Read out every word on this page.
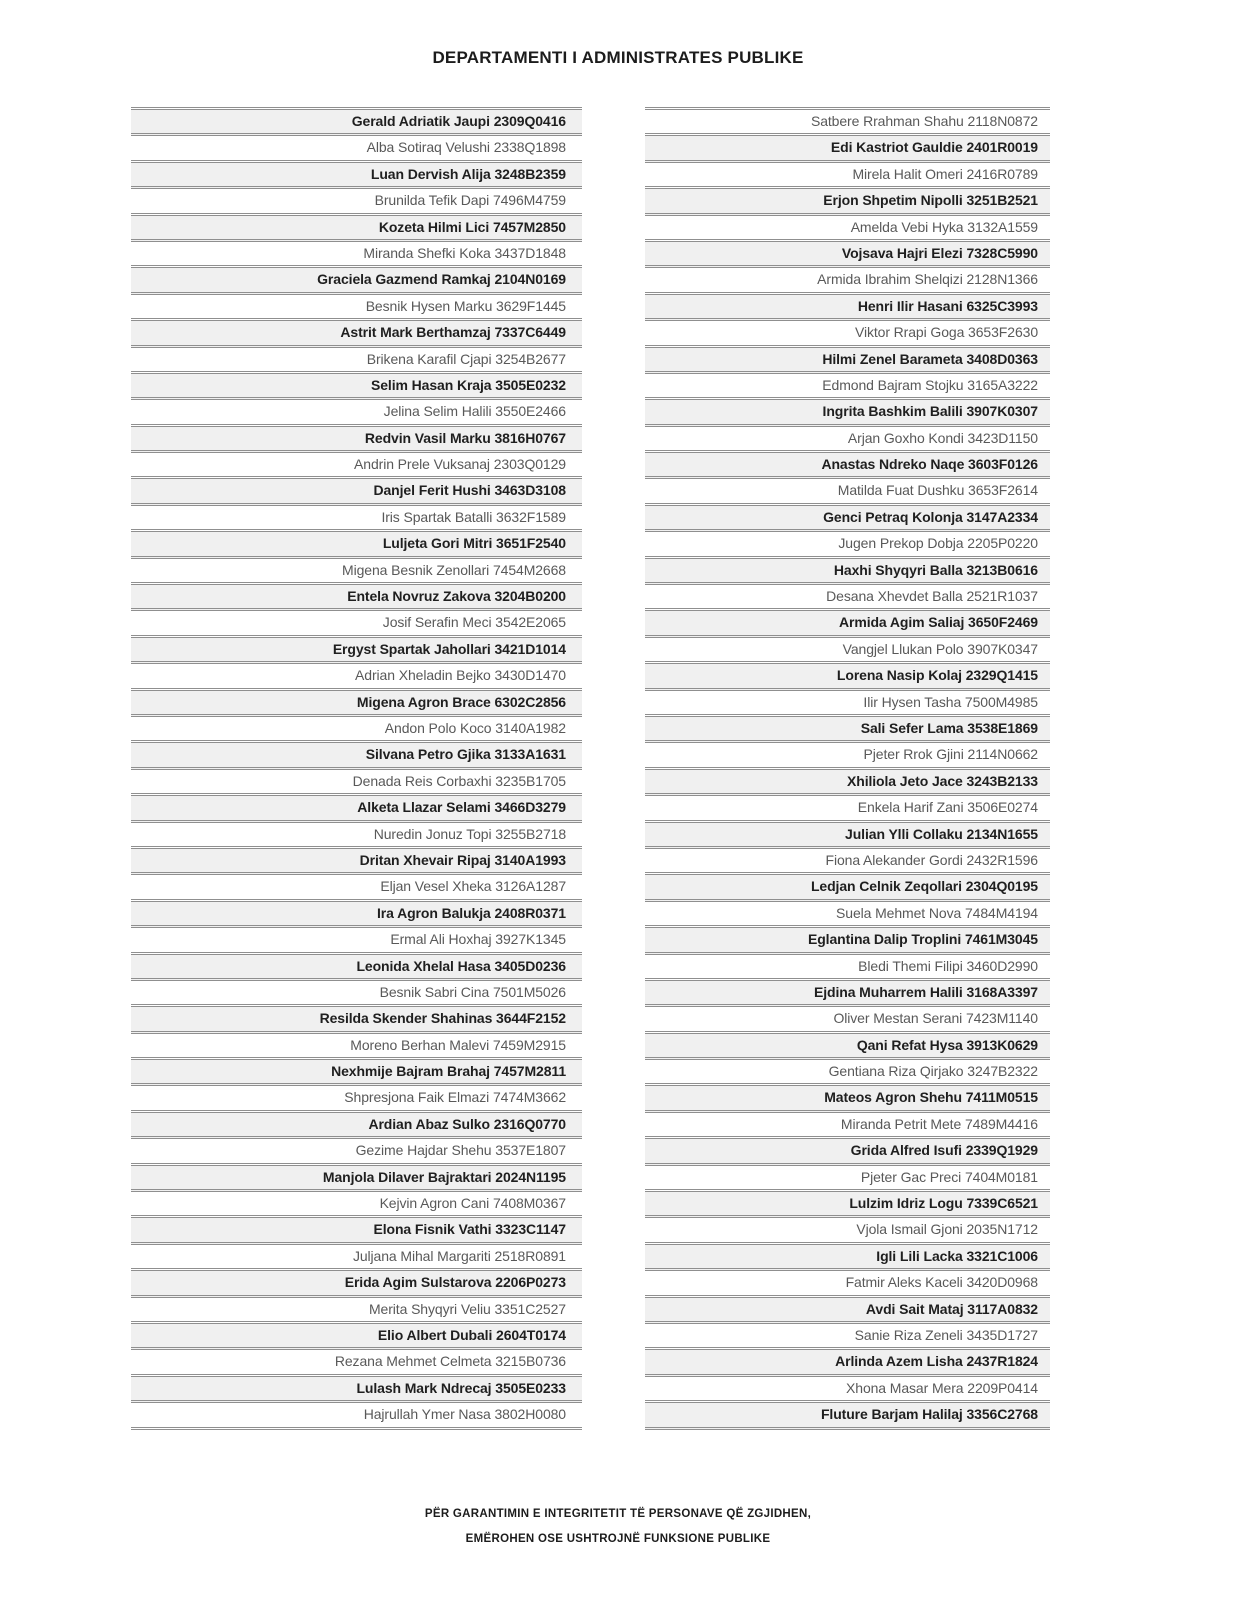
DEPARTAMENTI I ADMINISTRATES PUBLIKE
Gerald Adriatik Jaupi 2309Q0416
Alba Sotiraq Velushi 2338Q1898
Luan Dervish Alija 3248B2359
Brunilda Tefik Dapi 7496M4759
Kozeta Hilmi Lici 7457M2850
Miranda Shefki Koka 3437D1848
Graciela Gazmend Ramkaj 2104N0169
Besnik Hysen Marku 3629F1445
Astrit Mark Berthamzaj 7337C6449
Brikena Karafil Cjapi 3254B2677
Selim Hasan Kraja 3505E0232
Jelina Selim Halili 3550E2466
Redvin Vasil Marku 3816H0767
Andrin Prele Vuksanaj 2303Q0129
Danjel Ferit Hushi 3463D3108
Iris Spartak Batalli 3632F1589
Luljeta Gori Mitri 3651F2540
Migena Besnik Zenollari 7454M2668
Entela Novruz Zakova 3204B0200
Josif Serafin Meci 3542E2065
Ergyst Spartak Jahollari 3421D1014
Adrian Xheladin Bejko 3430D1470
Migena Agron Brace 6302C2856
Andon Polo Koco 3140A1982
Silvana Petro Gjika 3133A1631
Denada Reis Corbaxhi 3235B1705
Alketa Llazar Selami 3466D3279
Nuredin Jonuz Topi 3255B2718
Dritan Xhevair Ripaj 3140A1993
Eljan Vesel Xheka 3126A1287
Ira Agron Balukja 2408R0371
Ermal Ali Hoxhaj 3927K1345
Leonida Xhelal Hasa 3405D0236
Besnik Sabri Cina 7501M5026
Resilda Skender Shahinas 3644F2152
Moreno Berhan Malevi 7459M2915
Nexhmije Bajram Brahaj 7457M2811
Shpresjona Faik Elmazi 7474M3662
Ardian Abaz Sulko 2316Q0770
Gezime Hajdar Shehu 3537E1807
Manjola Dilaver Bajraktari 2024N1195
Kejvin Agron Cani 7408M0367
Elona Fisnik Vathi 3323C1147
Juljana Mihal Margariti 2518R0891
Erida Agim Sulstarova 2206P0273
Merita Shyqyri Veliu 3351C2527
Elio Albert Dubali 2604T0174
Rezana Mehmet Celmeta 3215B0736
Lulash Mark Ndrecaj 3505E0233
Hajrullah Ymer Nasa 3802H0080
Satbere Rrahman Shahu 2118N0872
Edi Kastriot Gauldie 2401R0019
Mirela Halit Omeri 2416R0789
Erjon Shpetim Nipolli 3251B2521
Amelda Vebi Hyka 3132A1559
Vojsava Hajri Elezi 7328C5990
Armida Ibrahim Shelqizi 2128N1366
Henri Ilir Hasani 6325C3993
Viktor Rrapi Goga 3653F2630
Hilmi Zenel Barameta 3408D0363
Edmond Bajram Stojku 3165A3222
Ingrita Bashkim Balili 3907K0307
Arjan Goxho Kondi 3423D1150
Anastas Ndreko Naqe 3603F0126
Matilda Fuat Dushku 3653F2614
Genci Petraq Kolonja 3147A2334
Jugen Prekop Dobja 2205P0220
Haxhi Shyqyri Balla 3213B0616
Desana Xhevdet Balla 2521R1037
Armida Agim Saliaj 3650F2469
Vangjel Llukan Polo 3907K0347
Lorena Nasip Kolaj 2329Q1415
Ilir Hysen Tasha 7500M4985
Sali Sefer Lama 3538E1869
Pjeter Rrok Gjini 2114N0662
Xhiliola Jeto Jace 3243B2133
Enkela Harif Zani 3506E0274
Julian Ylli Collaku 2134N1655
Fiona Alekander Gordi 2432R1596
Ledjan Celnik Zeqollari 2304Q0195
Suela Mehmet Nova 7484M4194
Eglantina Dalip Troplini 7461M3045
Bledi Themi Filipi 3460D2990
Ejdina Muharrem Halili 3168A3397
Oliver Mestan Serani 7423M1140
Qani Refat Hysa 3913K0629
Gentiana Riza Qirjako 3247B2322
Mateos Agron Shehu 7411M0515
Miranda Petrit Mete 7489M4416
Grida Alfred Isufi 2339Q1929
Pjeter Gac Preci 7404M0181
Lulzim Idriz Logu 7339C6521
Vjola Ismail Gjoni 2035N1712
Igli Lili Lacka 3321C1006
Fatmir Aleks Kaceli 3420D0968
Avdi Sait Mataj 3117A0832
Sanie Riza Zeneli 3435D1727
Arlinda Azem Lisha 2437R1824
Xhona Masar Mera 2209P0414
Fluture Barjam Halilaj 3356C2768
PËR GARANTIMIN E INTEGRITETIT TË PERSONAVE QË ZGJIDHEN,
EMËROHEN OSE USHTROJNË FUNKSIONE PUBLIKE
